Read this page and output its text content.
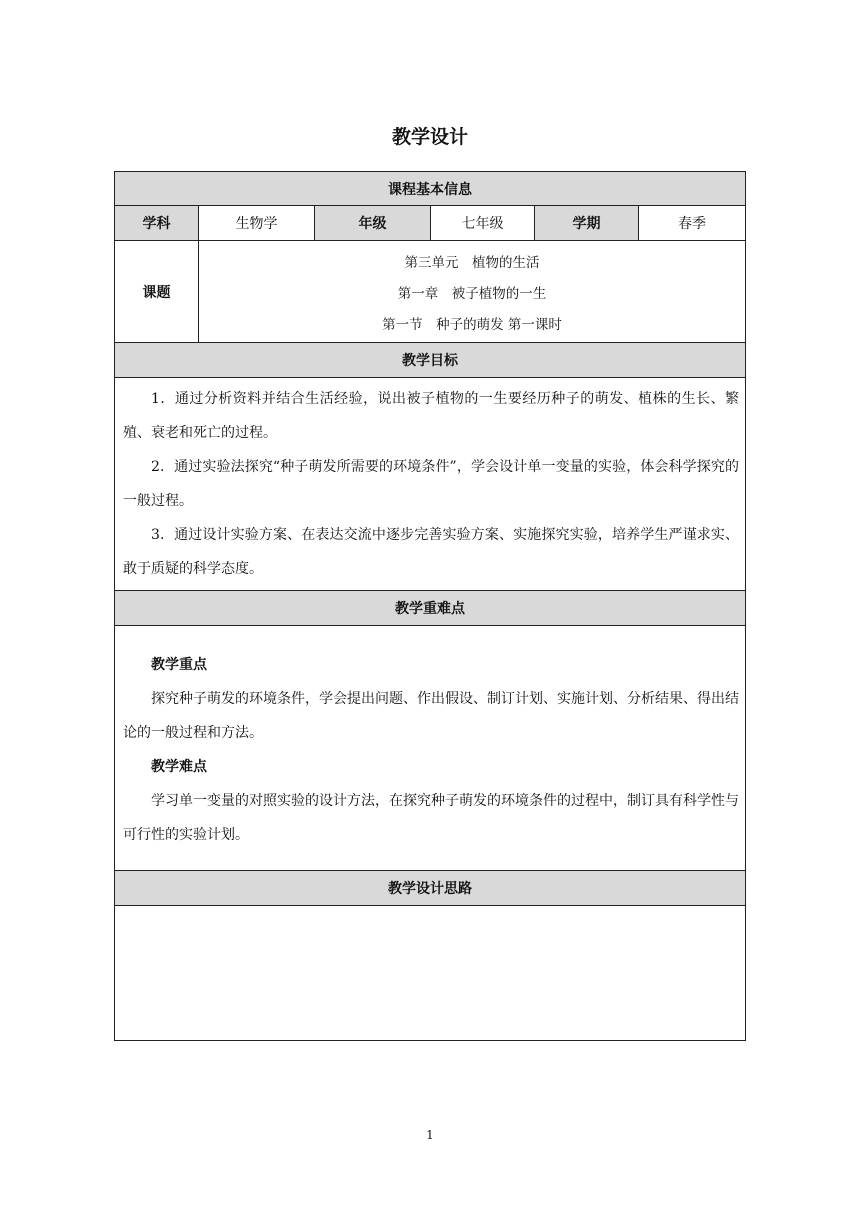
教学设计
课程基本信息
学科	生物学	年级	七年级	学期	春季
课题
第三单元　植物的生活
第一章　被子植物的一生
第一节　种子的萌发 第一课时
教学目标
1．通过分析资料并结合生活经验，说出被子植物的一生要经历种子的萌发、植株的生长、繁殖、衰老和死亡的过程。
2．通过实验法探究“种子萌发所需要的环境条件”，学会设计单一变量的实验，体会科学探究的一般过程。
3．通过设计实验方案、在表达交流中逐步完善实验方案、实施探究实验，培养学生严谨求实、敢于质疑的科学态度。
教学重难点
教学重点
探究种子萌发的环境条件，学会提出问题、作出假设、制订计划、实施计划、分析结果、得出结论的一般过程和方法。
教学难点
学习单一变量的对照实验的设计方法，在探究种子萌发的环境条件的过程中，制订具有科学性与可行性的实验计划。
教学设计思路
1
